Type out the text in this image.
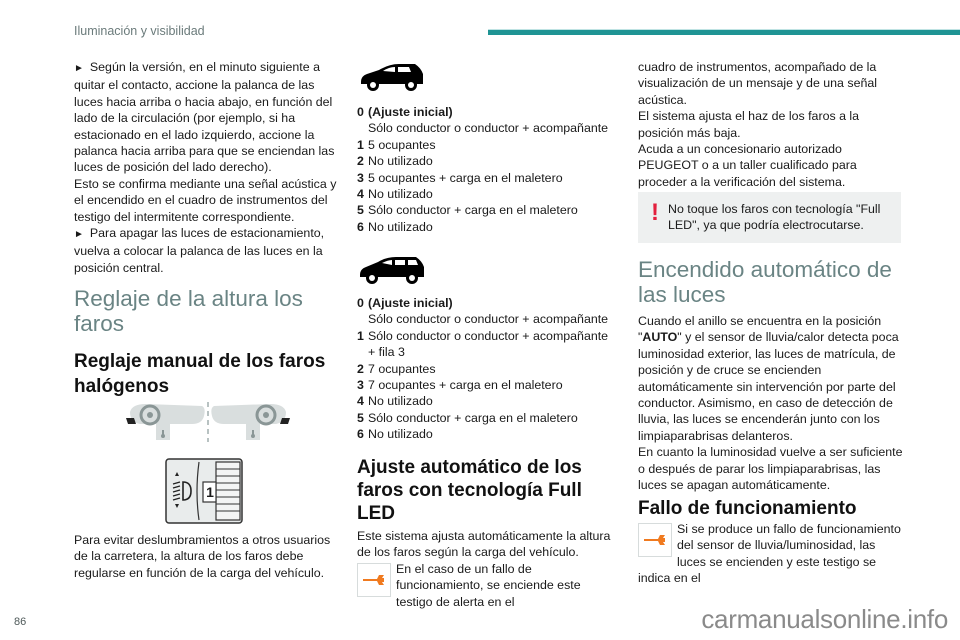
Iluminación y visibilidad

► Según la versión, en el minuto siguiente a quitar el contacto, accione la palanca de las luces hacia arriba o hacia abajo, en función del lado de la circulación (por ejemplo, si ha estacionado en el lado izquierdo, accione la palanca hacia arriba para que se enciendan las luces de posición del lado derecho).

Esto se confirma mediante una señal acústica y el encendido en el cuadro de instrumentos del testigo del intermitente correspondiente.

► Para apagar las luces de estacionamiento, vuelva a colocar la palanca de las luces en la posición central.

Reglaje de la altura los faros
Reglaje manual de los faros halógenos
1
Para evitar deslumbramientos a otros usuarios de la carretera, la altura de los faros debe regularse en función de la carga del vehículo.
0 (Ajuste inicial)
Sólo conductor o conductor + acompañante
1 5 ocupantes
2 No utilizado
3 5 ocupantes + carga en el maletero
4 No utilizado
5 Sólo conductor + carga en el maletero
6 No utilizado
0 (Ajuste inicial)
Sólo conductor o conductor + acompañante
1 Sólo conductor o conductor + acompañante + fila 3
2 7 ocupantes
3 7 ocupantes + carga en el maletero
4 No utilizado
5 Sólo conductor + carga en el maletero
6 No utilizado
Ajuste automático de los faros con tecnología Full LED

Este sistema ajusta automáticamente la altura de los faros según la carga del vehículo.

En el caso de un fallo de funcionamiento, se enciende este testigo de alerta en el

cuadro de instrumentos, acompañado de la visualización de un mensaje y de una señal acústica.

El sistema ajusta el haz de los faros a la posición más baja.

Acuda a un concesionario autorizado PEUGEOT o a un taller cualificado para proceder a la verificación del sistema.

! No toque los faros con tecnología "Full LED", ya que podría electrocutarse.
Encendido automático de las luces

Cuando el anillo se encuentra en la posición "AUTO" y el sensor de lluvia/calor detecta poca luminosidad exterior, las luces de matrícula, de posición y de cruce se encienden automáticamente sin intervención por parte del conductor. Asimismo, en caso de detección de lluvia, las luces se encenderán junto con los limpiaparabrisas delanteros.

En cuanto la luminosidad vuelve a ser suficiente o después de parar los limpiaparabrisas, las luces se apagan automáticamente.

Fallo de funcionamiento

Si se produce un fallo de funcionamiento del sensor de lluvia/luminosidad, las luces se encienden y este testigo se indica en el

86	carmanualsonline.info
